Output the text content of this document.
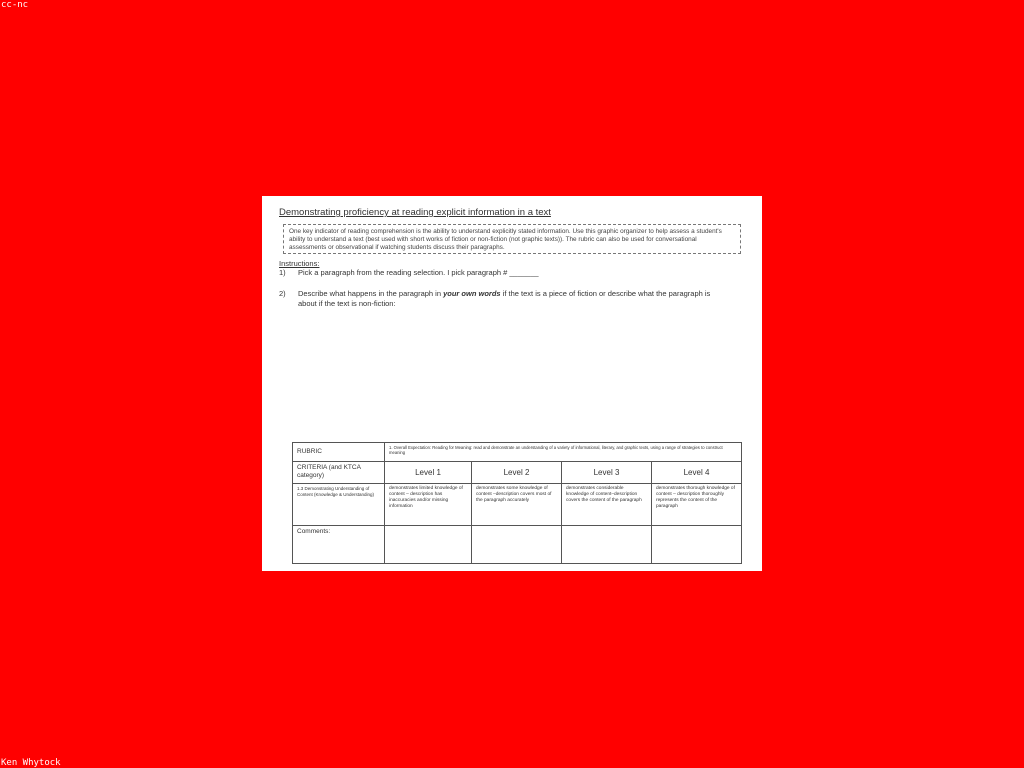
cc-nc
Ken Whytock
Demonstrating proficiency at reading explicit information in a text
One key indicator of reading comprehension is the ability to understand explicitly stated information. Use this graphic organizer to help assess a student's ability to understand a text (best used with short works of fiction or non-fiction (not graphic texts)). The rubric can also be used for conversational assessments or observational if watching students discuss their paragraphs.
Instructions:
1) Pick a paragraph from the reading selection. I pick paragraph # _______
2) Describe what happens in the paragraph in your own words if the text is a piece of fiction or describe what the paragraph is about if the text is non-fiction:
RUBRIC	1. Overall Expectation: Reading for Meaning: read and demonstrate an understanding of a variety of informational, literary, and graphic texts, using a range of strategies to construct meaning			
CRITERIA (and KTCA category)	Level 1	Level 2	Level 3	Level 4
1.3 Demonstrating Understanding of Content (Knowledge & Understanding)	demonstrates limited knowledge of content – description has inaccuracies and/or missing information	demonstrates some knowledge of content –description covers most of the paragraph accurately	demonstrates considerable knowledge of content–description covers the content of the paragraph	demonstrates thorough knowledge of content – description thoroughly represents the content of the paragraph
Comments:				
